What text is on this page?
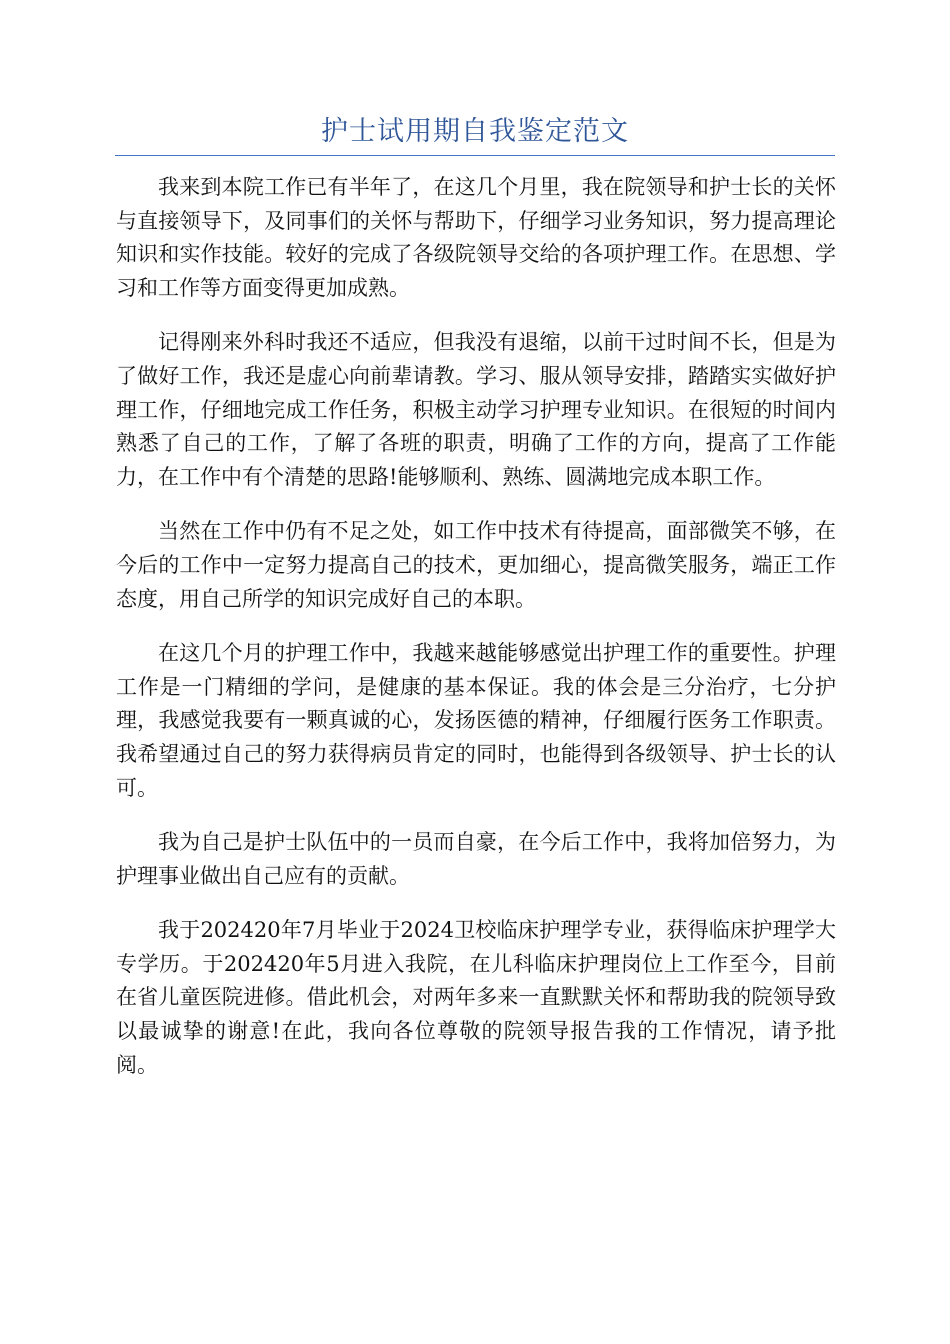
护士试用期自我鉴定范文

我来到本院工作已有半年了，在这几个月里，我在院领导和护士长的关怀与直接领导下，及同事们的关怀与帮助下，仔细学习业务知识，努力提高理论知识和实作技能。较好的完成了各级院领导交给的各项护理工作。在思想、学习和工作等方面变得更加成熟。

记得刚来外科时我还不适应，但我没有退缩，以前干过时间不长，但是为了做好工作，我还是虚心向前辈请教。学习、服从领导安排，踏踏实实做好护理工作，仔细地完成工作任务，积极主动学习护理专业知识。在很短的时间内熟悉了自己的工作，了解了各班的职责，明确了工作的方向，提高了工作能力，在工作中有个清楚的思路!能够顺利、熟练、圆满地完成本职工作。

当然在工作中仍有不足之处，如工作中技术有待提高，面部微笑不够，在今后的工作中一定努力提高自己的技术，更加细心，提高微笑服务，端正工作态度，用自己所学的知识完成好自己的本职。

在这几个月的护理工作中，我越来越能够感觉出护理工作的重要性。护理工作是一门精细的学问，是健康的基本保证。我的体会是三分治疗，七分护理，我感觉我要有一颗真诚的心，发扬医德的精神，仔细履行医务工作职责。我希望通过自己的努力获得病员肯定的同时，也能得到各级领导、护士长的认可。

我为自己是护士队伍中的一员而自豪，在今后工作中，我将加倍努力，为护理事业做出自己应有的贡献。

我于202420年7月毕业于2024卫校临床护理学专业，获得临床护理学大专学历。于202420年5月进入我院，在儿科临床护理岗位上工作至今，目前在省儿童医院进修。借此机会，对两年多来一直默默关怀和帮助我的院领导致以最诚挚的谢意!在此，我向各位尊敬的院领导报告我的工作情况，请予批阅。
